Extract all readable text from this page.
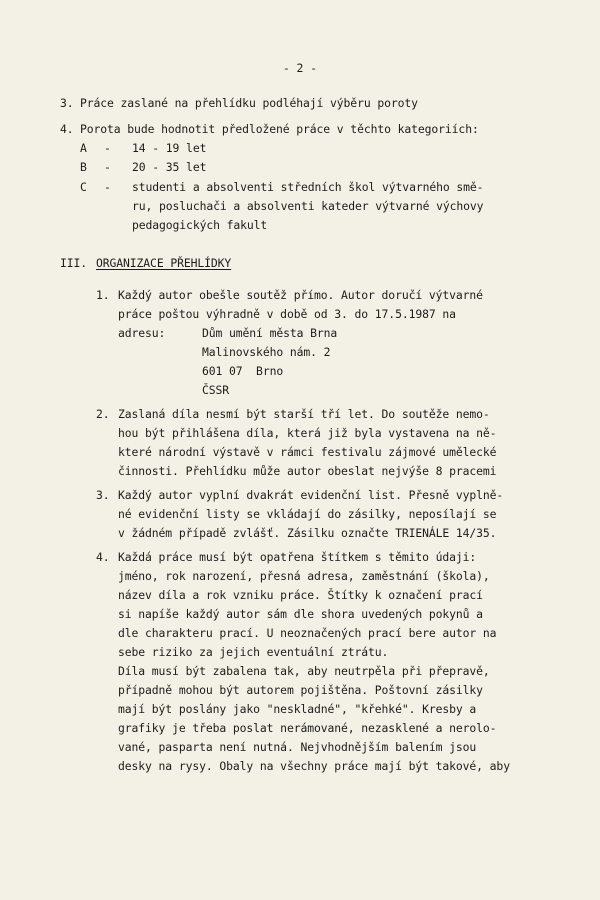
- 2 -
3. Práce zaslané na přehlídku podléhají výběru poroty
4. Porota bude hodnotit předložené práce v těchto kategoriích:
A - 14 - 19 let
B - 20 - 35 let
C - studenti a absolventi středních škol výtvarného smě-
ru, posluchači a absolventi kateder výtvarné výchovy
pedagogických fakult
III. ORGANIZACE PŘEHLÍDKY
1. Každý autor obešle soutěž přímo. Autor doručí výtvarné
práce poštou výhradně v době od 3. do 17.5.1987 na
adresu:	Dům umění města Brna
Malinovského nám. 2
601 07  Brno
ČSSR
2. Zaslaná díla nesmí být starší tří let. Do soutěže nemo-
hou být přihlášena díla, která již byla vystavena na ně-
které národní výstavě v rámci festivalu zájmové umělecké
činnosti. Přehlídku může autor obeslat nejvýše 8 pracemi
3. Každý autor vyplní dvakrát evidenční list. Přesně vyplně-
né evidenční listy se vkládají do zásilky, neposílají se
v žádném případě zvlášť. Zásilku označte TRIENÁLE 14/35.
4. Každá práce musí být opatřena štítkem s těmito údaji:
jméno, rok narození, přesná adresa, zaměstnání (škola),
název díla a rok vzniku práce. Štítky k označení prací
si napíše každý autor sám dle shora uvedených pokynů a
dle charakteru prací. U neoznačených prací bere autor na
sebe riziko za jejich eventuální ztrátu.
Díla musí být zabalena tak, aby neutrpěla při přepravě,
případně mohou být autorem pojištěna. Poštovní zásilky
mají být poslány jako "neskladné", "křehké". Kresby a
grafiky je třeba poslat nerámované, nezasklené a nerolo-
vané, pasparta není nutná. Nejvhodnějším balením jsou
desky na rysy. Obaly na všechny práce mají být takové, aby
